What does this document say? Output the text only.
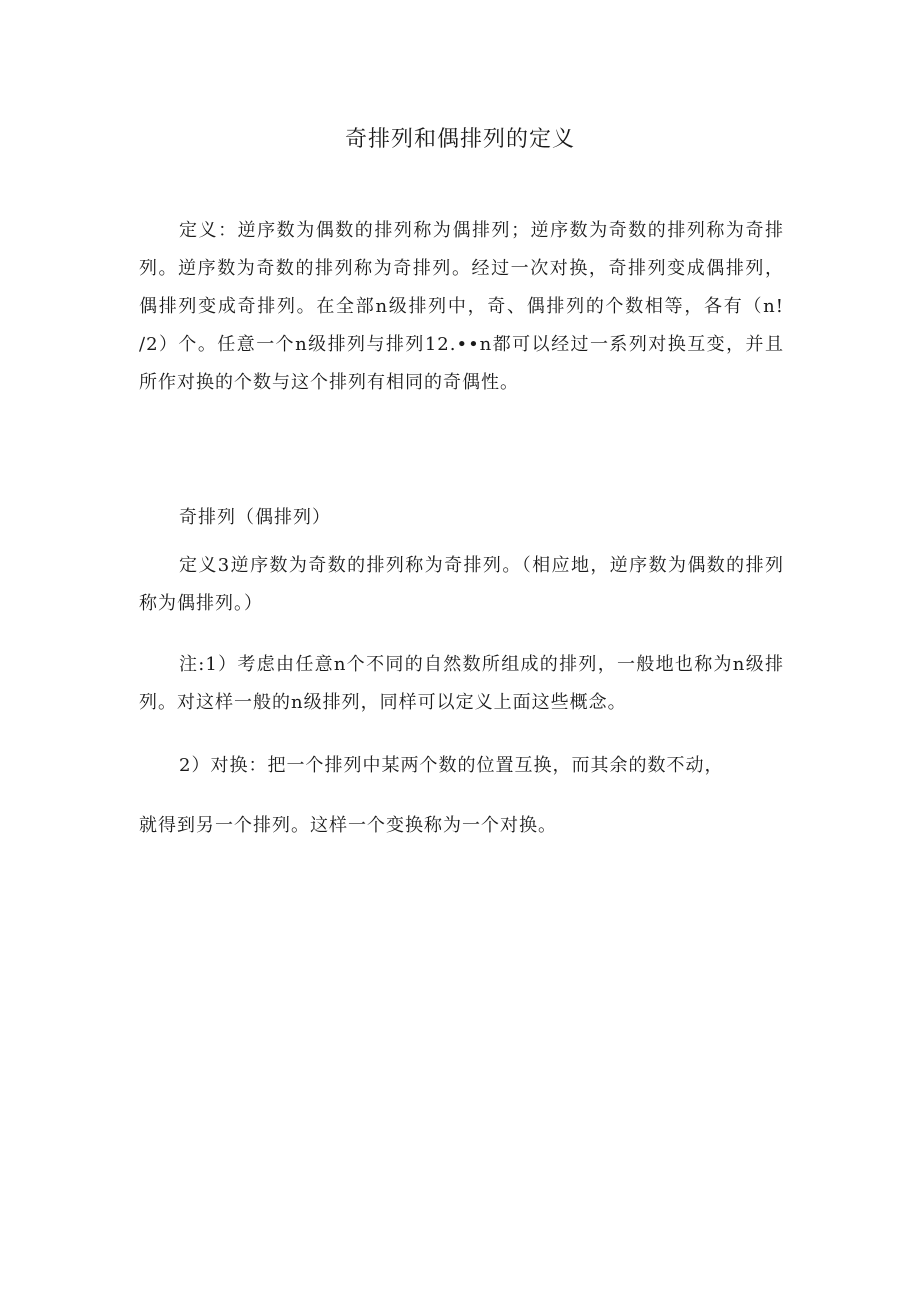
奇排列和偶排列的定义

定义：逆序数为偶数的排列称为偶排列；逆序数为奇数的排列称为奇排列。逆序数为奇数的排列称为奇排列。经过一次对换，奇排列变成偶排列，偶排列变成奇排列。在全部n级排列中，奇、偶排列的个数相等，各有（n!∕2）个。任意一个n级排列与排列12.••n都可以经过一系列对换互变，并且所作对换的个数与这个排列有相同的奇偶性。

奇排列（偶排列）

定义3逆序数为奇数的排列称为奇排列。（相应地，逆序数为偶数的排列称为偶排列。）

注:1）考虑由任意n个不同的自然数所组成的排列，一般地也称为n级排列。对这样一般的n级排列，同样可以定义上面这些概念。

2）对换：把一个排列中某两个数的位置互换，而其余的数不动，

就得到另一个排列。这样一个变换称为一个对换。
